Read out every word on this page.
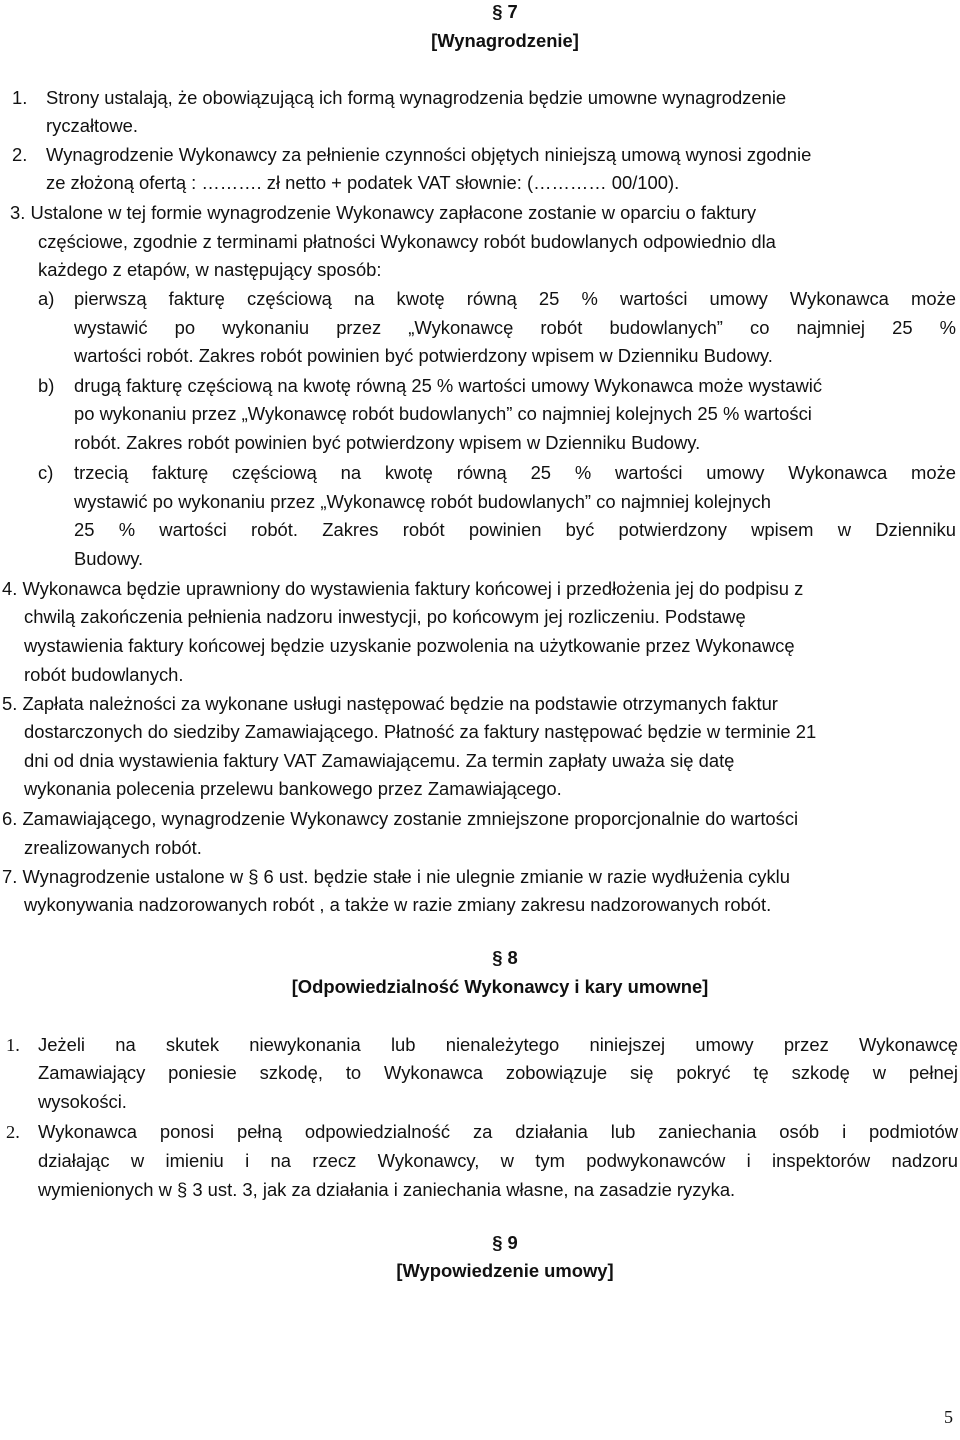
§ 7
[Wynagrodzenie]
1. Strony ustalają, że obowiązującą ich formą wynagrodzenia będzie umowne wynagrodzenie
ryczałtowe.
2. Wynagrodzenie Wykonawcy za pełnienie czynności objętych niniejszą umową wynosi zgodnie
ze złożoną ofertą : ………. zł netto + podatek VAT słownie: (………… 00/100).
3. Ustalone w tej formie wynagrodzenie Wykonawcy zapłacone zostanie w oparciu o faktury
częściowe, zgodnie z terminami płatności Wykonawcy robót budowlanych odpowiednio dla
każdego z etapów, w następujący sposób:
a) pierwszą fakturę częściową na kwotę równą 25 % wartości umowy Wykonawca może
wystawić po wykonaniu przez „Wykonawcę robót budowlanych” co najmniej 25 %
wartości robót. Zakres robót powinien być potwierdzony wpisem w Dzienniku Budowy.
b) drugą fakturę częściową na kwotę równą 25 % wartości umowy Wykonawca może wystawić
po wykonaniu przez „Wykonawcę robót budowlanych” co najmniej kolejnych 25 % wartości
robót. Zakres robót powinien być potwierdzony wpisem w Dzienniku Budowy.
c) trzecią fakturę częściową na kwotę równą 25 % wartości umowy Wykonawca może
wystawić po wykonaniu przez „Wykonawcę robót budowlanych” co najmniej kolejnych
25 % wartości robót. Zakres robót powinien być potwierdzony wpisem w Dzienniku
Budowy.
4. Wykonawca będzie uprawniony do wystawienia faktury końcowej i przedłożenia jej do podpisu z
chwilą zakończenia pełnienia nadzoru inwestycji, po końcowym jej rozliczeniu. Podstawę
wystawienia faktury końcowej będzie uzyskanie pozwolenia na użytkowanie przez Wykonawcę
robót budowlanych.
5. Zapłata należności za wykonane usługi następować będzie na podstawie otrzymanych faktur
dostarczonych do siedziby Zamawiającego. Płatność za faktury następować będzie w terminie 21
dni od dnia wystawienia faktury VAT Zamawiającemu. Za termin zapłaty uważa się datę
wykonania polecenia przelewu bankowego przez Zamawiającego.
6. Zamawiającego, wynagrodzenie Wykonawcy zostanie zmniejszone proporcjonalnie do wartości
zrealizowanych robót.
7. Wynagrodzenie ustalone w § 6 ust. będzie stałe i nie ulegnie zmianie w razie wydłużenia cyklu
wykonywania nadzorowanych robót , a także w razie zmiany zakresu nadzorowanych robót.
§ 8
[Odpowiedzialność Wykonawcy i kary umowne]
1. Jeżeli na skutek niewykonania lub nienależytego niniejszej umowy przez Wykonawcę
Zamawiający poniesie szkodę, to Wykonawca zobowiązuje się pokryć tę szkodę w pełnej
wysokości.
2. Wykonawca ponosi pełną odpowiedzialność za działania lub zaniechania osób i podmiotów
działając w imieniu i na rzecz Wykonawcy, w tym podwykonawców i inspektorów nadzoru
wymienionych w § 3 ust. 3, jak za działania i zaniechania własne, na zasadzie ryzyka.
§ 9
[Wypowiedzenie umowy]
5
